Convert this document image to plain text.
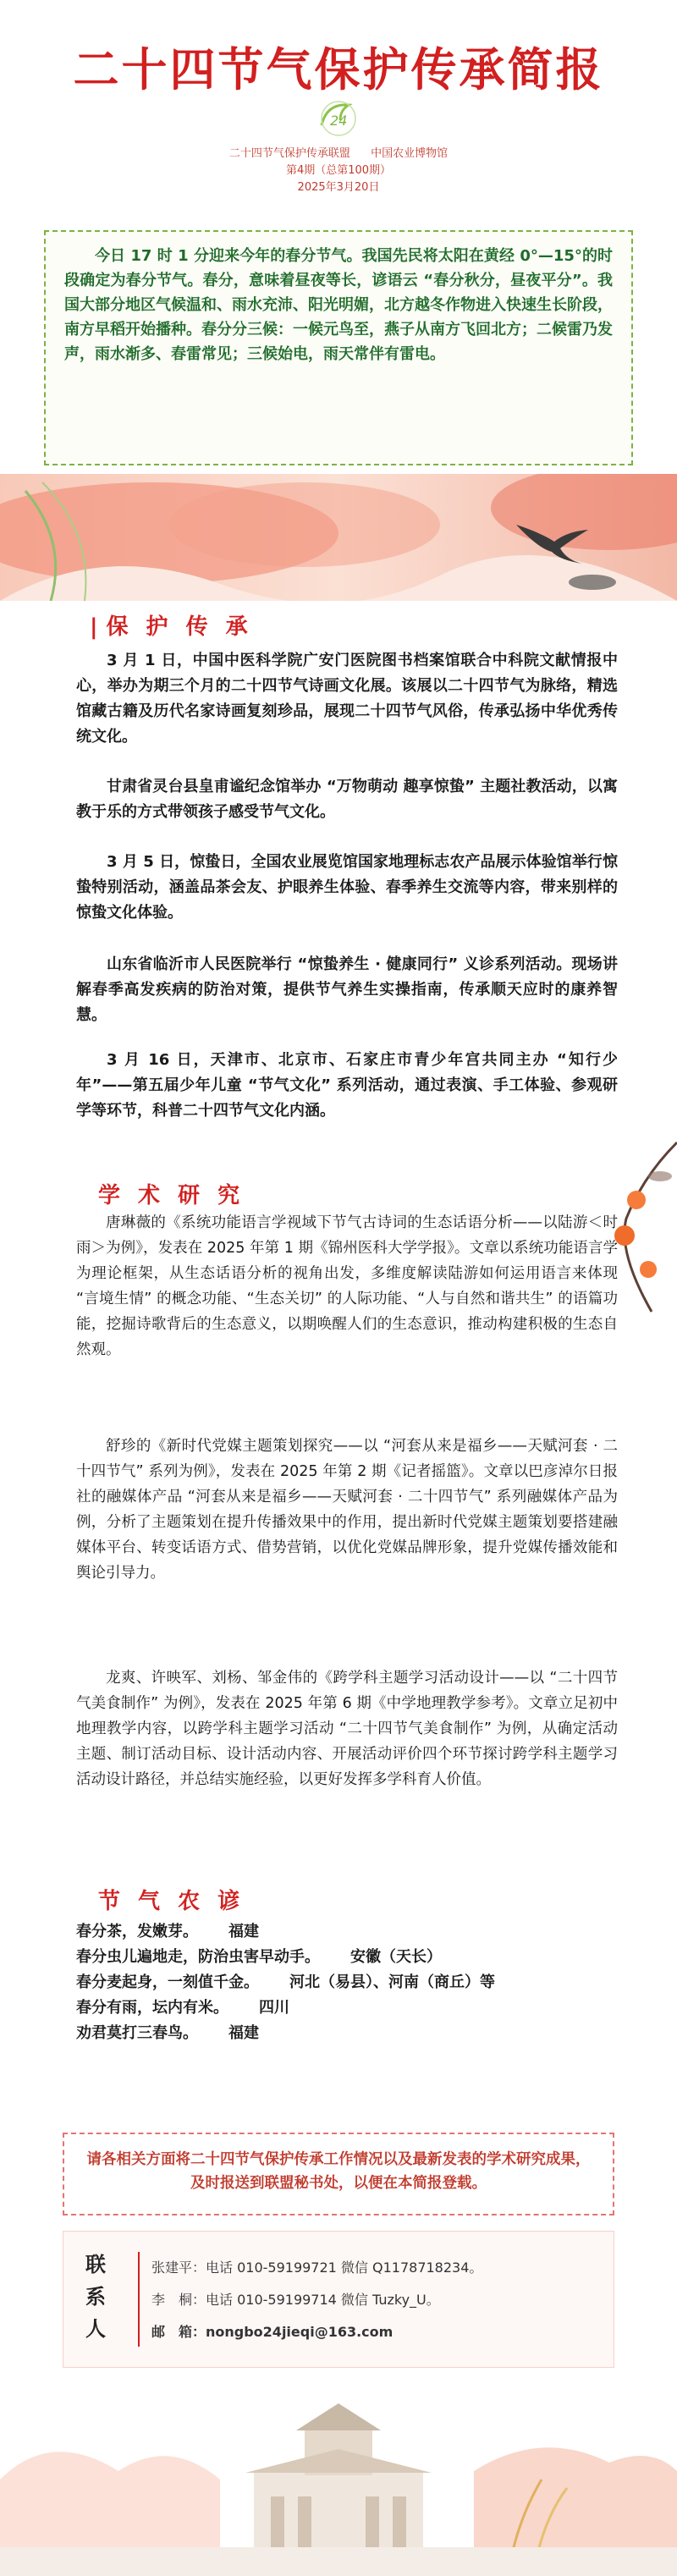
二十四节气保护传承简报
24
二十四节气保护传承联盟 中国农业博物馆
第4期（总第100期）
2025年3月20日

今日 17 时 1 分迎来今年的春分节气。我国先民将太阳在黄经 0°—15°的时段确定为春分节气。春分，意味着昼夜等长，谚语云 “春分秋分，昼夜平分”。我国大部分地区气候温和、雨水充沛、阳光明媚，北方越冬作物进入快速生长阶段，南方早稻开始播种。春分分三候：一候元鸟至，燕子从南方飞回北方；二候雷乃发声，雨水渐多、春雷常见；三候始电，雨天常伴有雷电。

| 保 护 传 承
3 月 1 日，中国中医科学院广安门医院图书档案馆联合中科院文献情报中心，举办为期三个月的二十四节气诗画文化展。该展以二十四节气为脉络，精选馆藏古籍及历代名家诗画复刻珍品，展现二十四节气风俗，传承弘扬中华优秀传统文化。
甘肃省灵台县皇甫谧纪念馆举办 “万物萌动 趣享惊蛰” 主题社教活动，以寓教于乐的方式带领孩子感受节气文化。
3 月 5 日，惊蛰日，全国农业展览馆国家地理标志农产品展示体验馆举行惊蛰特别活动，涵盖品茶会友、护眼养生体验、春季养生交流等内容，带来别样的惊蛰文化体验。
山东省临沂市人民医院举行 “惊蛰养生 · 健康同行” 义诊系列活动。现场讲解春季高发疾病的防治对策，提供节气养生实操指南，传承顺天应时的康养智慧。
3 月 16 日，天津市、北京市、石家庄市青少年宫共同主办 “知行少年”——第五届少年儿童 “节气文化” 系列活动，通过表演、手工体验、参观研学等环节，科普二十四节气文化内涵。
学 术 研 究
唐琳薇的《系统功能语言学视域下节气古诗词的生态话语分析——以陆游＜时雨＞为例》，发表在 2025 年第 1 期《锦州医科大学学报》。文章以系统功能语言学为理论框架，从生态话语分析的视角出发，多维度解读陆游如何运用语言来体现 “言境生情” 的概念功能、“生态关切” 的人际功能、“人与自然和谐共生” 的语篇功能，挖掘诗歌背后的生态意义，以期唤醒人们的生态意识，推动构建积极的生态自然观。
舒珍的《新时代党媒主题策划探究——以 “河套从来是福乡——天赋河套 · 二十四节气” 系列为例》，发表在 2025 年第 2 期《记者摇篮》。文章以巴彦淖尔日报社的融媒体产品 “河套从来是福乡——天赋河套 · 二十四节气” 系列融媒体产品为例，分析了主题策划在提升传播效果中的作用，提出新时代党媒主题策划要搭建融媒体平台、转变话语方式、借势营销，以优化党媒品牌形象，提升党媒传播效能和舆论引导力。
龙爽、许映军、刘杨、邹金伟的《跨学科主题学习活动设计——以 “二十四节气美食制作” 为例》，发表在 2025 年第 6 期《中学地理教学参考》。文章立足初中地理教学内容，以跨学科主题学习活动 “二十四节气美食制作” 为例，从确定活动主题、制订活动目标、设计活动内容、开展活动评价四个环节探讨跨学科主题学习活动设计路径，并总结实施经验，以更好发挥多学科育人价值。
节 气 农 谚
春分茶，发嫩芽。 福建
春分虫儿遍地走，防治虫害早动手。 安徽（天长）
春分麦起身，一刻值千金。 河北（易县）、河南（商丘）等
春分有雨，坛内有米。 四川
劝君莫打三春鸟。 福建
请各相关方面将二十四节气保护传承工作情况以及最新发表的学术研究成果，及时报送到联盟秘书处，以便在本简报登载。
联系人
张建平：电话 010-59199721 微信 Q1178718234。
李　桐：电话 010-59199714 微信 Tuzky_U。
邮　箱：nongbo24jieqi@163.com
